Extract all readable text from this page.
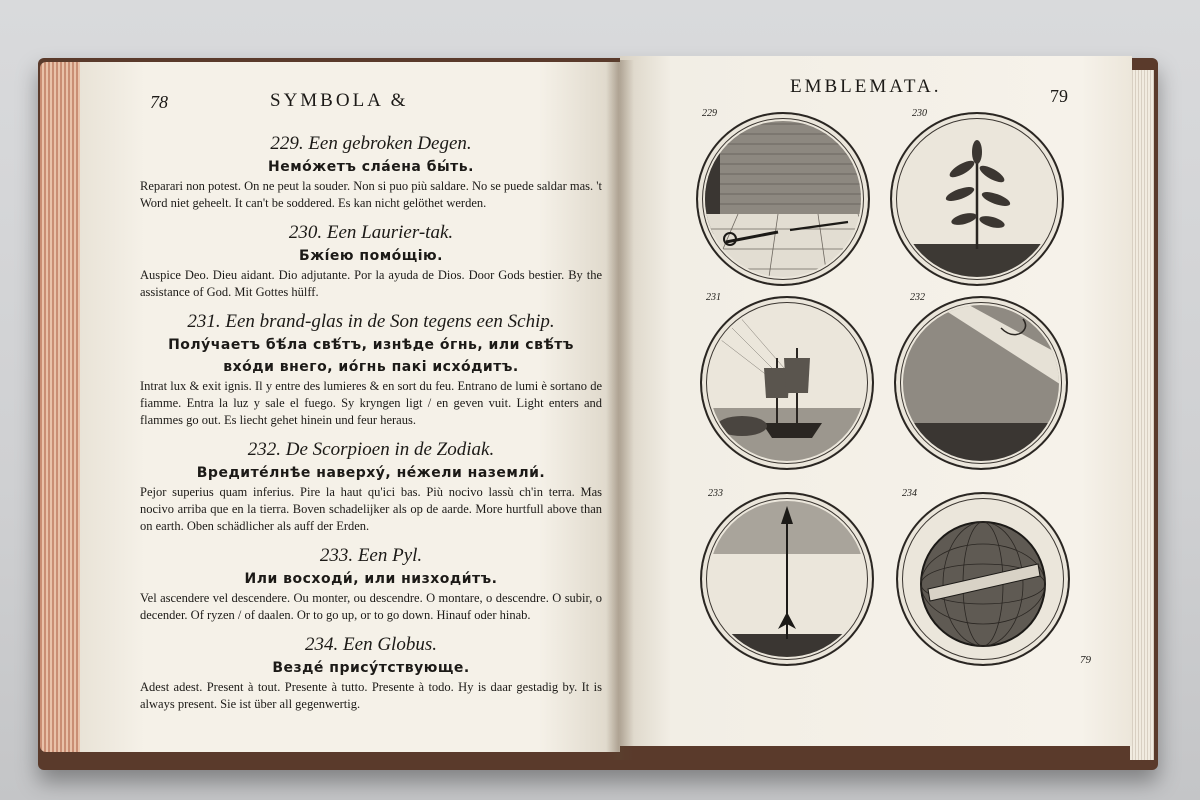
78	SYMBOLA &
229. Een gebroken Degen.
Немо́жетъ сла́ена бы́ть.
Reparari non potest. On ne peut la souder. Non si puo più saldare. No se puede saldar mas. 't Word niet geheelt. It can't be soddered. Es kan nicht gelöthet werden.
230. Een Laurier-tak.
Бжі́ею помо́щію.
Auspice Deo. Dieu aidant. Dio adjutante. Por la ayuda de Dios. Door Gods bestier. By the assistance of God. Mit Gottes hülff.
231. Een brand-glas in de Son tegens een Schip.
Полу́чаетъ бѣ́ла свѣ́тъ, изнѣде о́гнь, или свѣ́тъ вхо́ди внего, ио́гнь пакі исхо́дитъ.
Intrat lux & exit ignis. Il y entre des lumieres & en sort du feu. Entrano de lumi è sortano de fiamme. Entra la luz y sale el fuego. Sy kryngen ligt / en geven vuit. Light enters and flammes go out. Es liecht gehet hinein und feur heraus.
232. De Scorpioen in de Zodiak.
Вредите́лнѣе наверху́, не́жели наземли́.
Pejor superius quam inferius. Pire la haut qu'ici bas. Più nocivo lassù ch'in terra. Mas nocivo arriba que en la tierra. Boven schadelijker als op de aarde. More hurtfull above than on earth. Oben schädlicher als auff der Erden.
233. Een Pyl.
Или восходи́, или низходи́тъ.
Vel ascendere vel descendere. Ou monter, ou descendre. O montare, o descendre. O subir, o decender. Of ryzen / of daalen. Or to go up, or to go down. Hinauf oder hinab.
234. Een Globus.
Везде́ прису́тствующе.
Adest adest. Present à tout. Presente à tutto. Presente à todo. Hy is daar gestadig by. It is always present. Sie ist über all gegenwertig.
EMBLEMATA.	79
229	230
231	232
233	234
79
